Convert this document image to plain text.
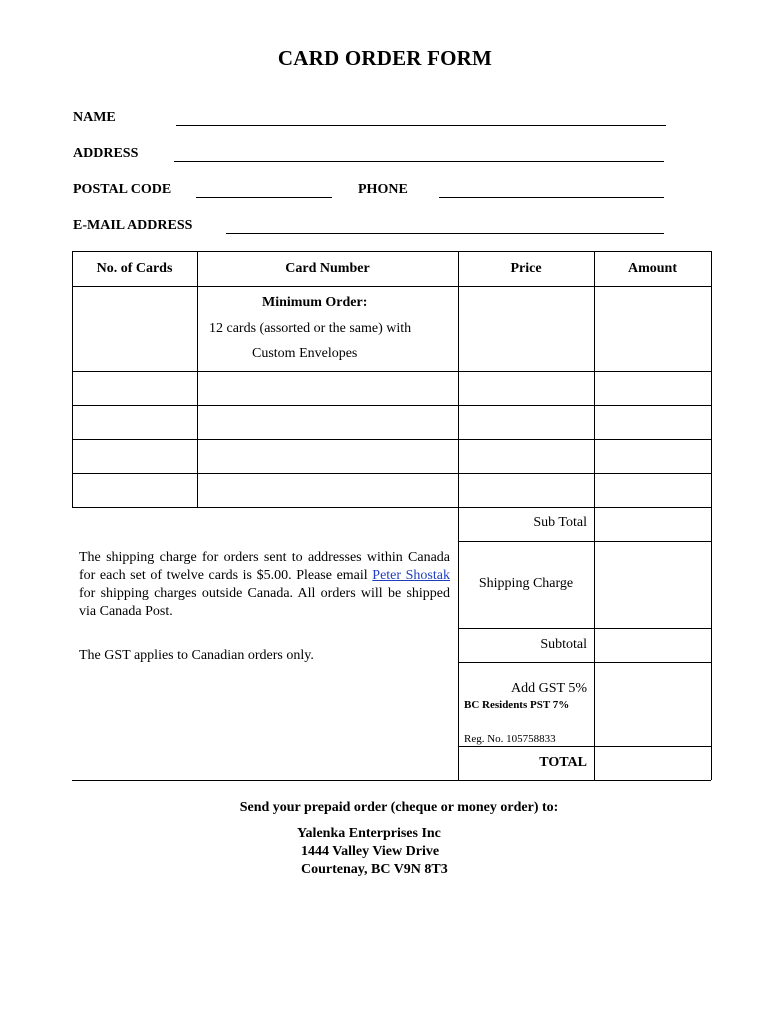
CARD ORDER FORM
NAME
ADDRESS
POSTAL CODE	PHONE
E-MAIL ADDRESS
No. of Cards	Card Number	Price	Amount
Minimum Order:
12 cards (assorted or the same) with
Custom Envelopes
Sub Total
Shipping Charge
Subtotal
Add GST 5%
BC Residents PST 7%
Reg. No. 105758833
TOTAL
The shipping charge for orders sent to addresses within Canada for each set of twelve cards is $5.00. Please email Peter Shostak for shipping charges outside Canada. All orders will be shipped via Canada Post.
The GST applies to Canadian orders only.
Send your prepaid order (cheque or money order) to:
Yalenka Enterprises Inc
1444 Valley View Drive
Courtenay, BC V9N 8T3
